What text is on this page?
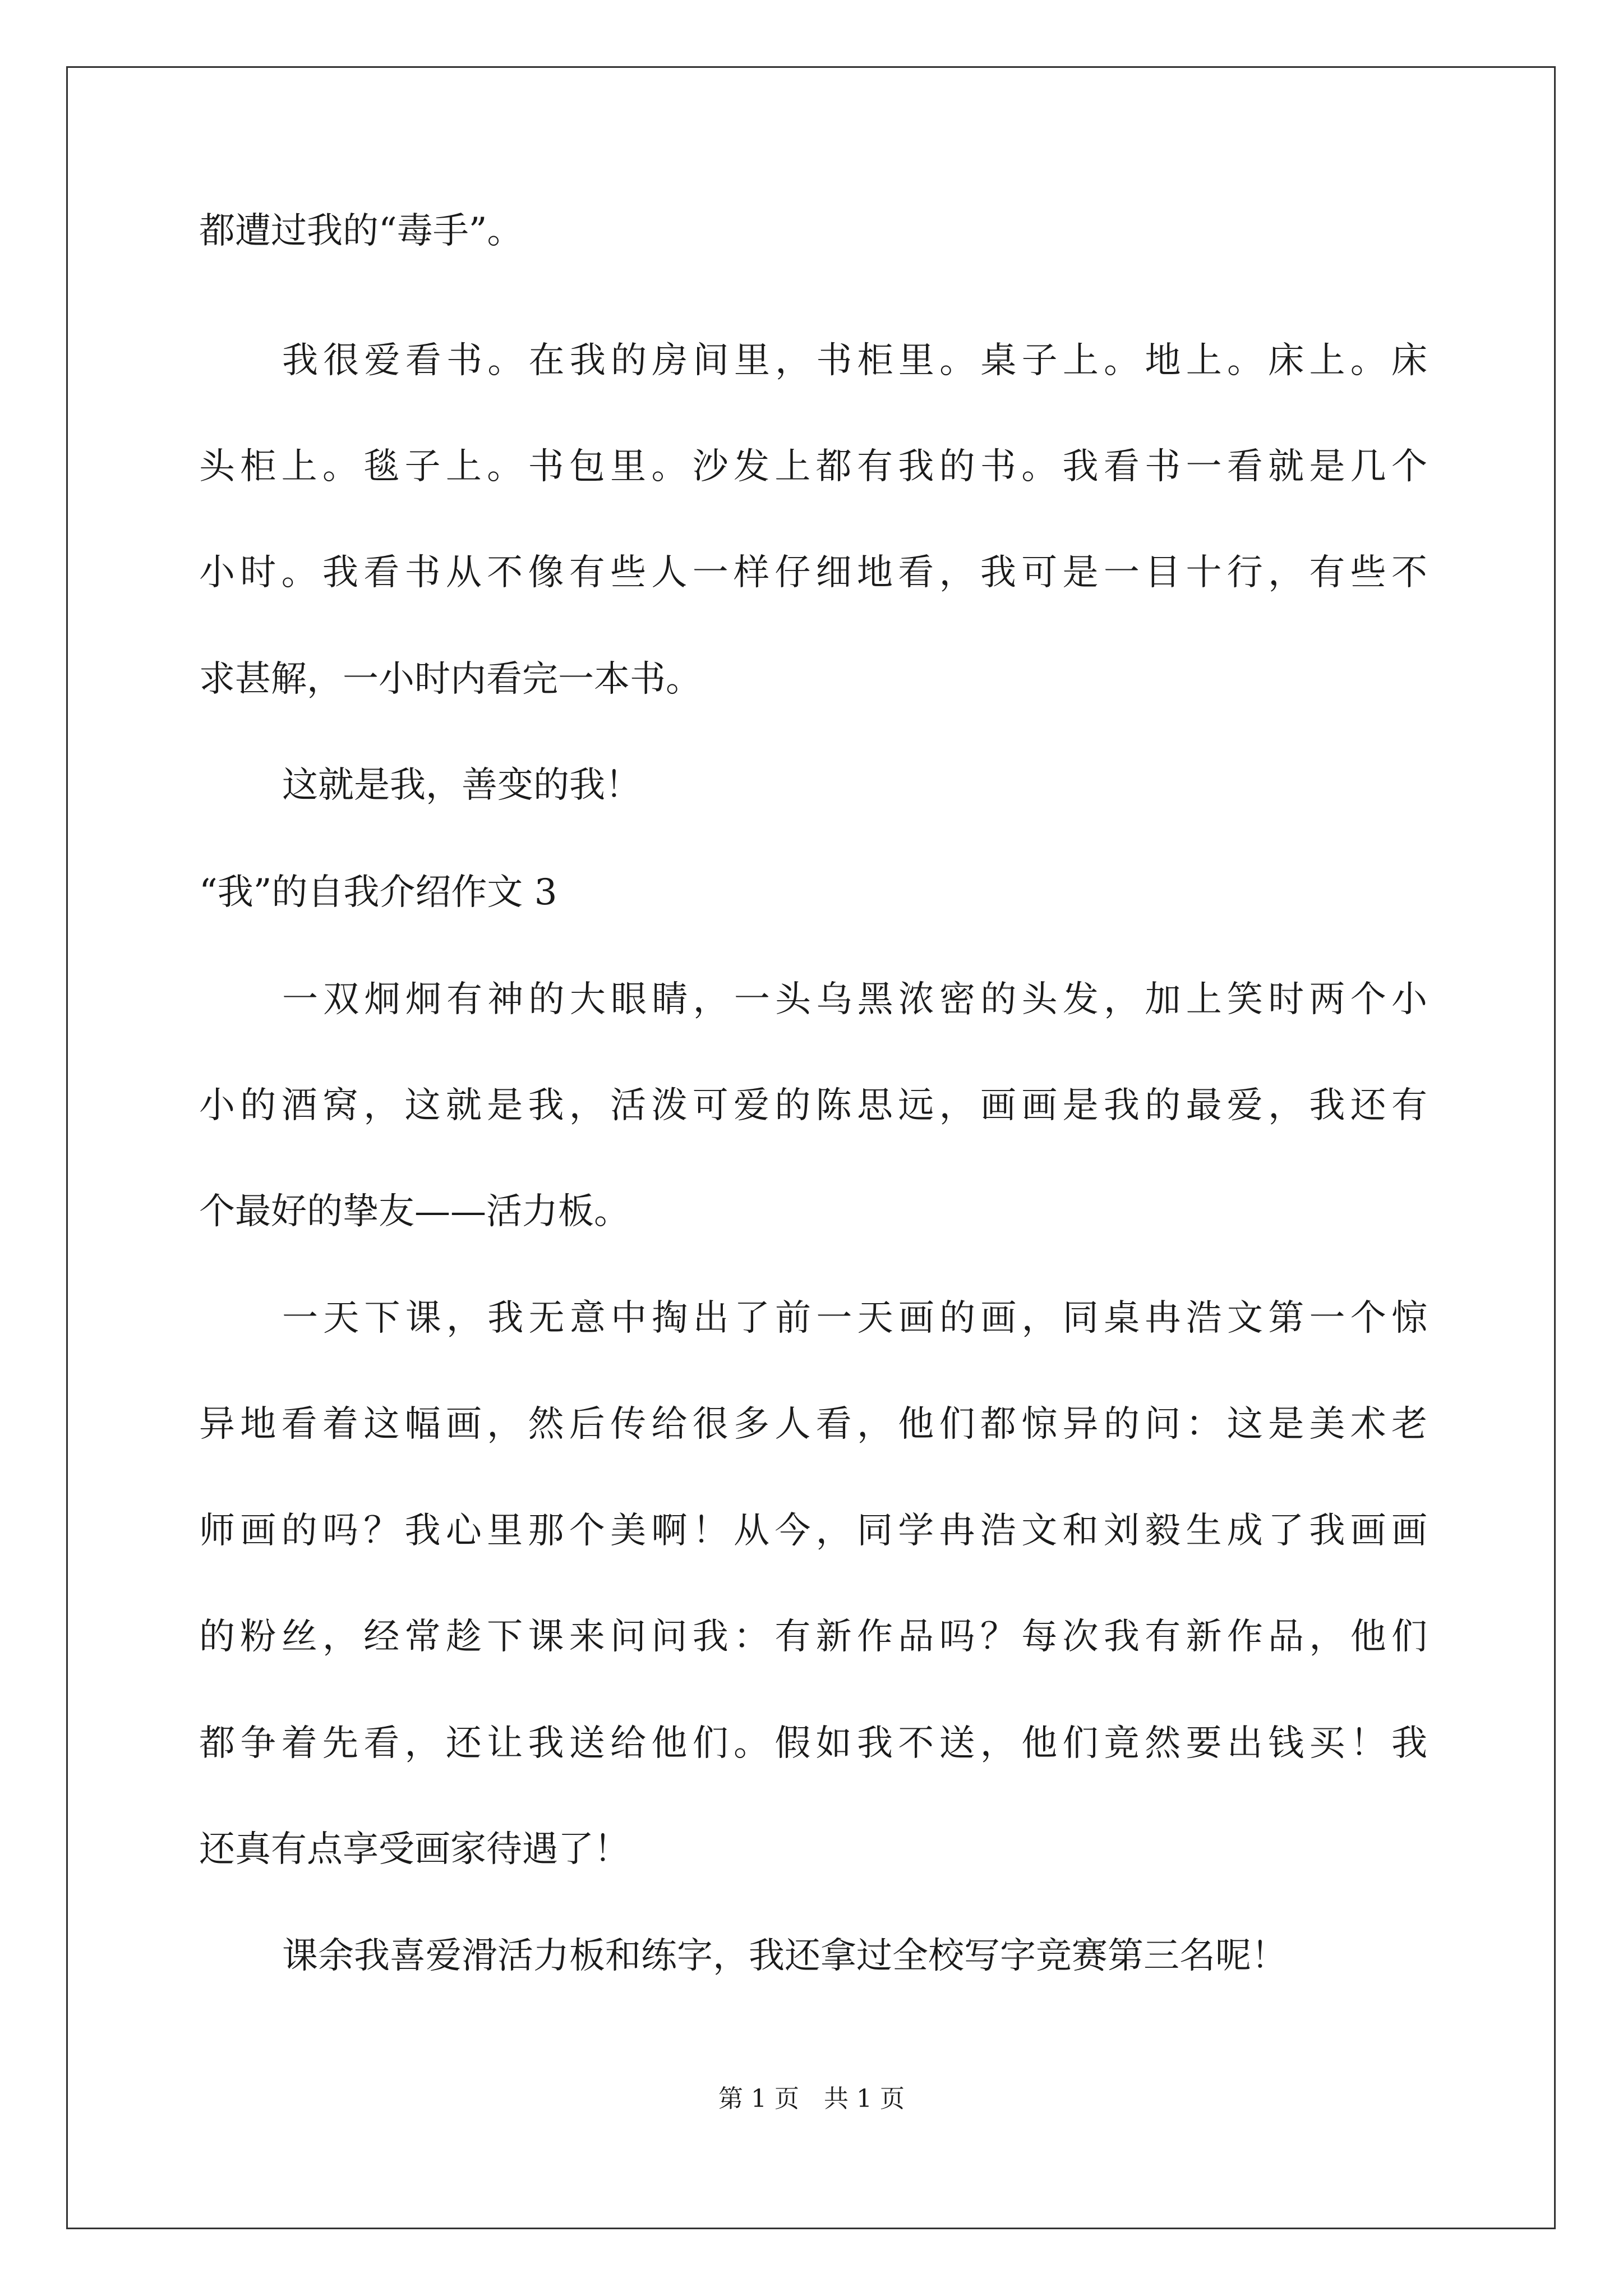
都遭过我的“毒手”。
我很爱看书。在我的房间里，书柜里。桌子上。地上。床上。床
头柜上。毯子上。书包里。沙发上都有我的书。我看书一看就是几个
小时。我看书从不像有些人一样仔细地看，我可是一目十行，有些不
求甚解，一小时内看完一本书。
这就是我，善变的我！
“我”的自我介绍作文 3
一双炯炯有神的大眼睛，一头乌黑浓密的头发，加上笑时两个小
小的酒窝，这就是我，活泼可爱的陈思远，画画是我的最爱，我还有
个最好的挚友——活力板。
一天下课，我无意中掏出了前一天画的画，同桌冉浩文第一个惊
异地看着这幅画，然后传给很多人看，他们都惊异的问：这是美术老
师画的吗？我心里那个美啊！从今，同学冉浩文和刘毅生成了我画画
的粉丝，经常趁下课来问问我：有新作品吗？每次我有新作品，他们
都争着先看，还让我送给他们。假如我不送，他们竟然要出钱买！我
还真有点享受画家待遇了！
课余我喜爱滑活力板和练字，我还拿过全校写字竞赛第三名呢！
第 1 页 共 1 页
